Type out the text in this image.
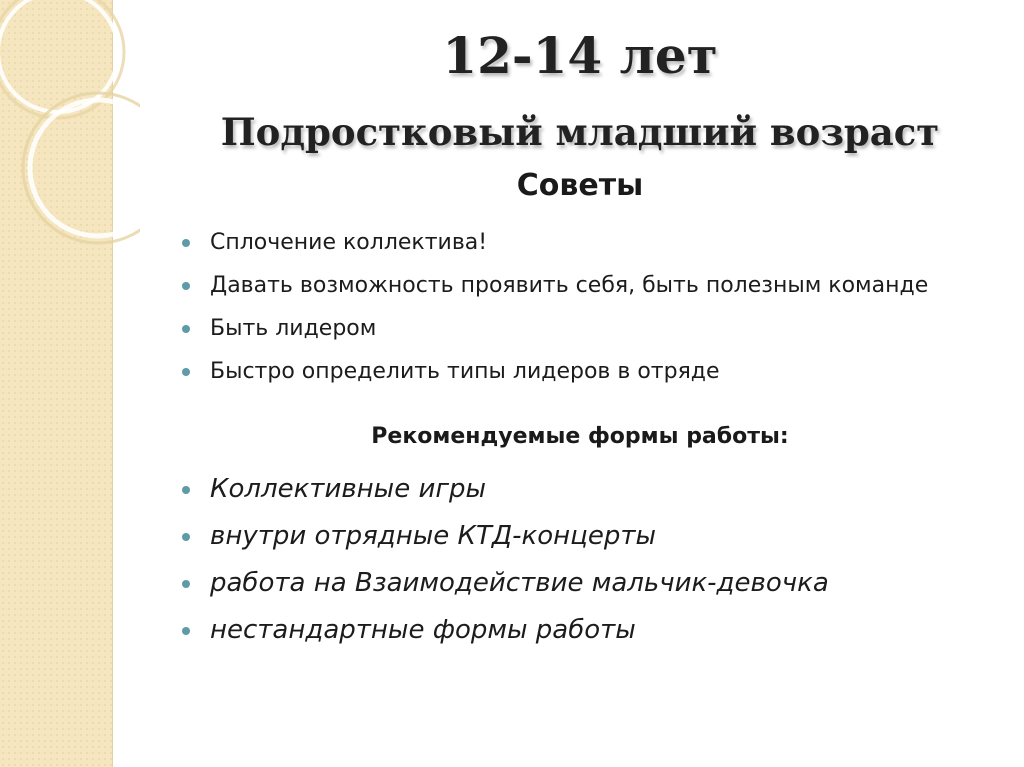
12-14 лет
Подростковый младший возраст
Советы
Сплочение коллектива!
Давать возможность проявить себя, быть полезным команде
Быть лидером
Быстро определить типы лидеров в отряде
Рекомендуемые формы работы:
Коллективные игры
внутри отрядные КТД-концерты
работа на Взаимодействие мальчик-девочка
нестандартные формы работы
